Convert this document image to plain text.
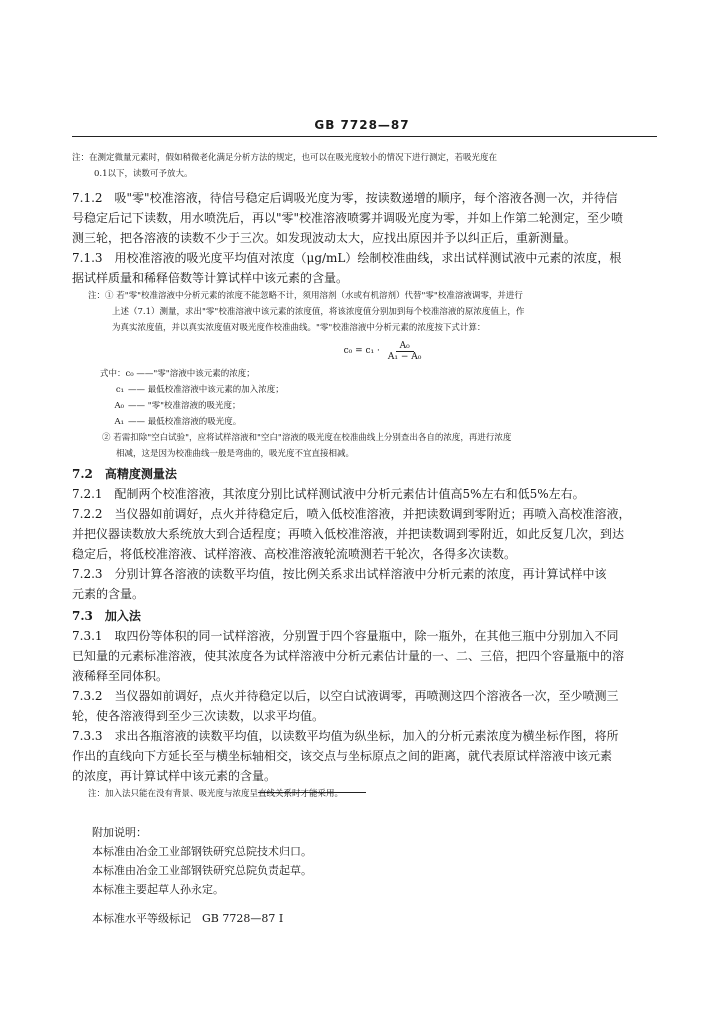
GB 7728—87

注：在测定微量元素时，假如稍微老化满足分析方法的规定，也可以在吸光度较小的情况下进行测定，若吸光度在

0.1以下，读数可予放大。

7.1.2　吸"零"校准溶液，待信号稳定后调吸光度为零，按读数递增的顺序，每个溶液各测一次，并待信

号稳定后记下读数，用水喷洗后，再以"零"校准溶液喷雾并调吸光度为零，并如上作第二轮测定，至少喷

测三轮，把各溶液的读数不少于三次。如发现波动太大，应找出原因并予以纠正后，重新测量。

7.1.3　用校准溶液的吸光度平均值对浓度（μg/mL）绘制校准曲线，求出试样测试液中元素的浓度，根

据试样质量和稀释倍数等计算试样中该元素的含量。

注：① 若"零"校准溶液中分析元素的浓度不能忽略不计，须用溶剂（水或有机溶剂）代替"零"校准溶液调零，并进行

上述（7.1）测量，求出"零"校准溶液中该元素的浓度值，将该浓度值分别加到每个校准溶液的原浓度值上，作

为真实浓度值，并以真实浓度值对吸光度作校准曲线。"零"校准溶液中分析元素的浓度按下式计算：

$c_0 = c_1 \cdot \frac{\text{A₀}}{\text{A₁ − A₀}}$

式中：c₀ ——"零"溶液中该元素的浓度；

c₁ —— 最低校准溶液中该元素的加入浓度；
A₀ —— "零"校准溶液的吸光度；
A₁ —— 最低校准溶液的吸光度。

② 若需扣除"空白试验"，应将试样溶液和"空白"溶液的吸光度在校准曲线上分别查出各自的浓度，再进行浓度

相减，这是因为校准曲线一般是弯曲的，吸光度不宜直接相减。

7.2　高精度测量法

7.2.1　配制两个校准溶液，其浓度分别比试样测试液中分析元素估计值高5%左右和低5%左右。

7.2.2　当仪器如前调好，点火并待稳定后，喷入低校准溶液，并把读数调到零附近；再喷入高校准溶液，

并把仪器读数放大系统放大到合适程度；再喷入低校准溶液，并把读数调到零附近，如此反复几次，到达

稳定后，将低校准溶液、试样溶液、高校准溶液轮流喷测若干轮次，各得多次读数。

7.2.3　分别计算各溶液的读数平均值，按比例关系求出试样溶液中分析元素的浓度，再计算试样中该

元素的含量。

7.3　加入法

7.3.1　取四份等体积的同一试样溶液，分别置于四个容量瓶中，除一瓶外，在其他三瓶中分别加入不同

已知量的元素标准溶液，使其浓度各为试样溶液中分析元素估计量的一、二、三倍，把四个容量瓶中的溶

液稀释至同体积。

7.3.2　当仪器如前调好，点火并待稳定以后，以空白试液调零，再喷测这四个溶液各一次，至少喷测三

轮，使各溶液得到至少三次读数，以求平均值。

7.3.3　求出各瓶溶液的读数平均值，以读数平均值为纵坐标，加入的分析元素浓度为横坐标作图，将所

作出的直线向下方延长至与横坐标轴相交，该交点与坐标原点之间的距离，就代表原试样溶液中该元素

的浓度，再计算试样中该元素的含量。

注：加入法只能在没有背景、吸光度与浓度呈直线关系时才能采用。

附加说明：

本标准由冶金工业部钢铁研究总院技术归口。

本标准由冶金工业部钢铁研究总院负责起草。

本标准主要起草人孙永定。

本标准水平等级标记　GB 7728—87 I
